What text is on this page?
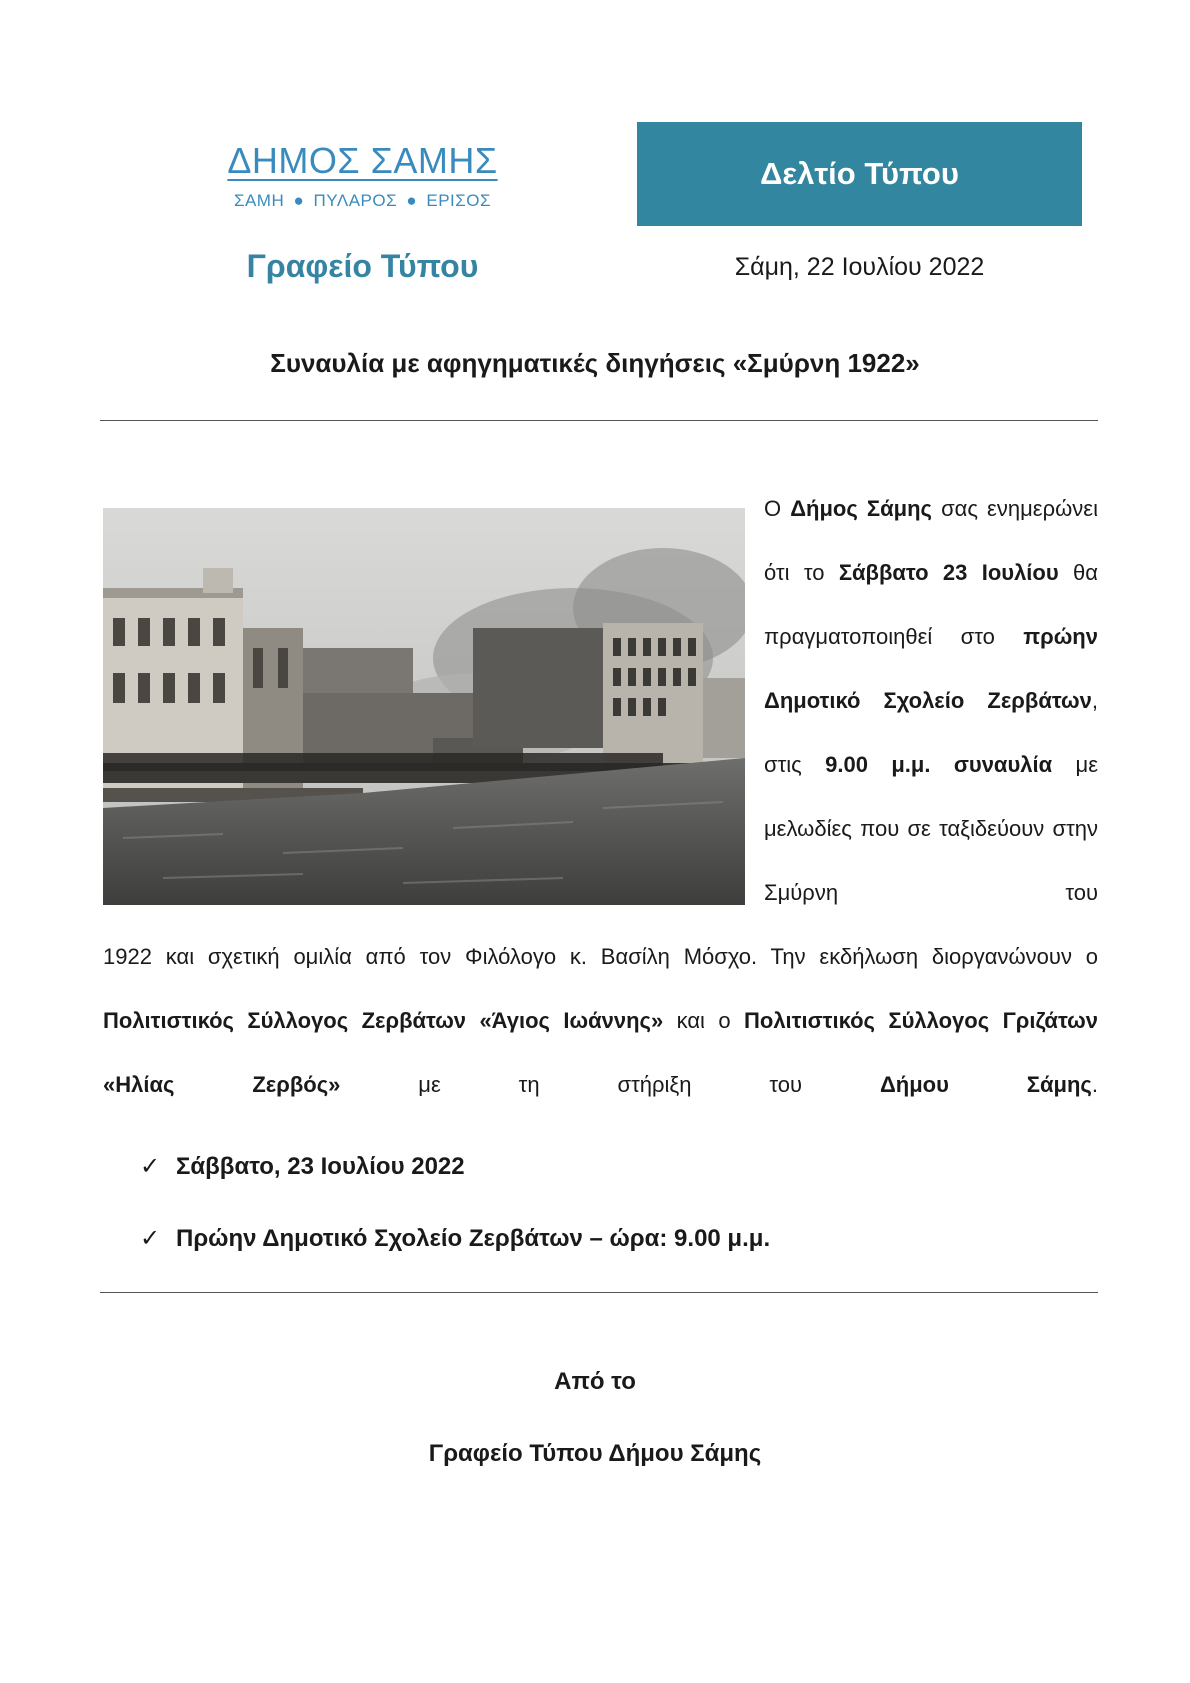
ΔΗΜΟΣ ΣΑΜΗΣ
ΣΑΜΗ ● ΠΥΛΑΡΟΣ ● ΕΡΙΣΟΣ
Γραφείο Τύπου
Δελτίο Τύπου
Σάμη, 22 Ιουλίου 2022
Συναυλία με αφηγηματικές διηγήσεις «Σμύρνη 1922»
Ο Δήμος Σάμης σας ενημερώνει ότι το Σάββατο 23 Ιουλίου θα πραγματοποιηθεί στο πρώην Δημοτικό Σχολείο Ζερβάτων, στις 9.00 μ.μ. συναυλία με μελωδίες που σε ταξιδεύουν στην Σμύρνη του
1922 και σχετική ομιλία από τον Φιλόλογο κ. Βασίλη Μόσχο. Την εκδήλωση διοργανώνουν ο Πολιτιστικός Σύλλογος Ζερβάτων «Άγιος Ιωάννης» και ο Πολιτιστικός Σύλλογος Γριζάτων «Ηλίας Ζερβός»	με τη στήριξη του	Δήμου Σάμης.
✓ Σάββατο, 23 Ιουλίου 2022
✓ Πρώην Δημοτικό Σχολείο Ζερβάτων – ώρα: 9.00 μ.μ.
Από το
Γραφείο Τύπου Δήμου Σάμης
